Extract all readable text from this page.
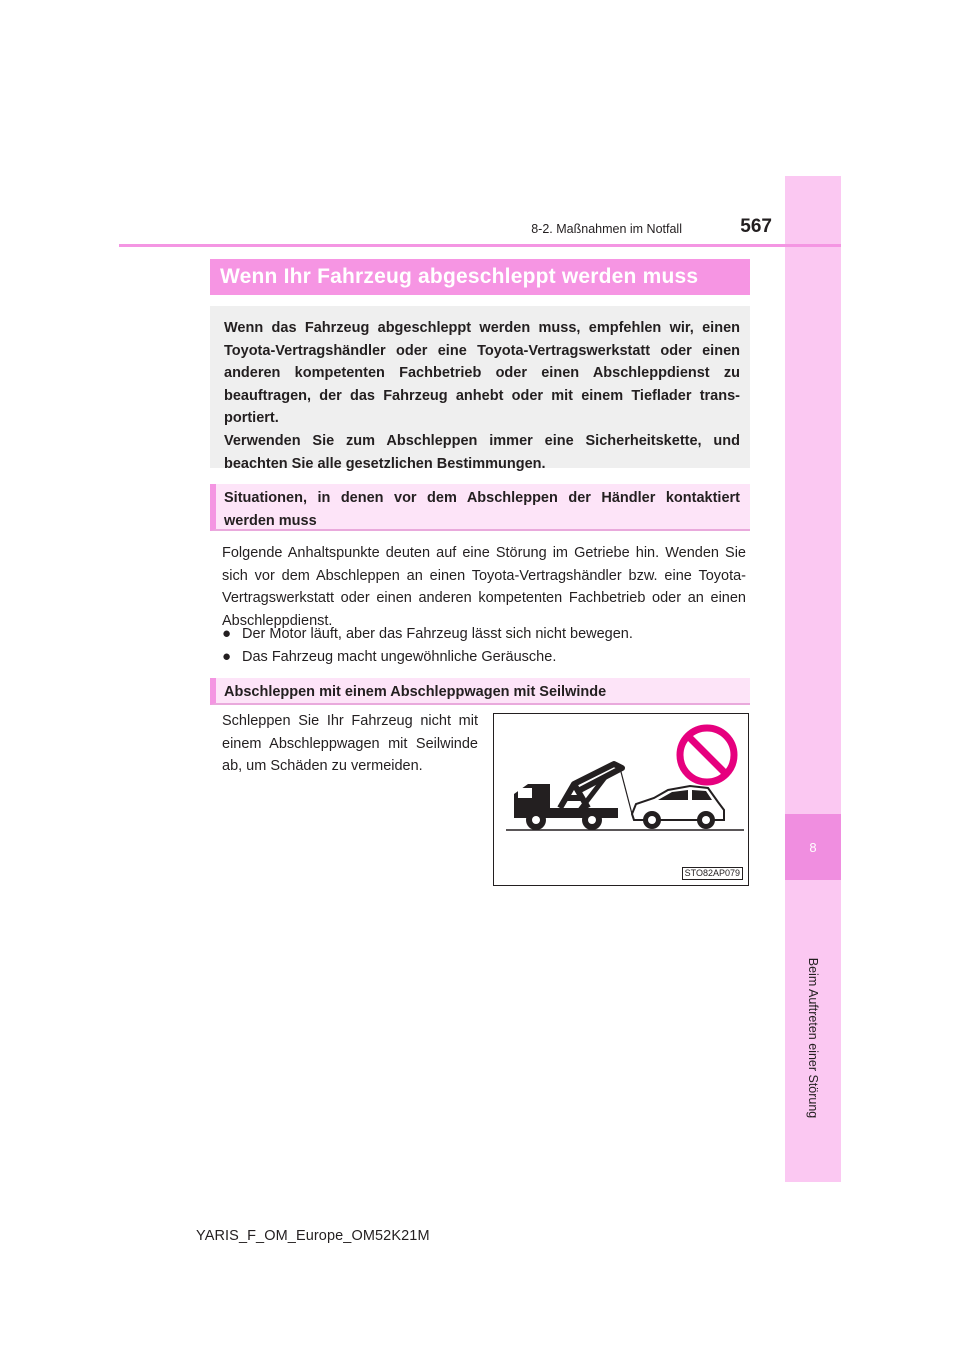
8
Beim Auftreten einer Störung
8-2. Maßnahmen im Notfall	567
Wenn Ihr Fahrzeug abgeschleppt werden muss

Wenn das Fahrzeug abgeschleppt werden muss, empfehlen wir, einen Toyota-Vertragshändler oder eine Toyota-Vertragswerkstatt oder einen anderen kompetenten Fachbetrieb oder einen Abschleppdienst zu beauftragen, der das Fahrzeug anhebt oder mit einem Tieflader trans-portiert.

Verwenden Sie zum Abschleppen immer eine Sicherheitskette, und beachten Sie alle gesetzlichen Bestimmungen.

Situationen, in denen vor dem Abschleppen der Händler kontaktiert werden muss

Folgende Anhaltspunkte deuten auf eine Störung im Getriebe hin. Wenden Sie sich vor dem Abschleppen an einen Toyota-Vertragshändler bzw. eine Toyota-Vertragswerkstatt oder einen anderen kompetenten Fachbetrieb oder an einen Abschleppdienst.

● Der Motor läuft, aber das Fahrzeug lässt sich nicht bewegen.
● Das Fahrzeug macht ungewöhnliche Geräusche.
Abschleppen mit einem Abschleppwagen mit Seilwinde

Schleppen Sie Ihr Fahrzeug nicht mit einem Abschleppwagen mit Seilwinde ab, um Schäden zu vermeiden.

STO82AP079
YARIS_F_OM_Europe_OM52K21M
